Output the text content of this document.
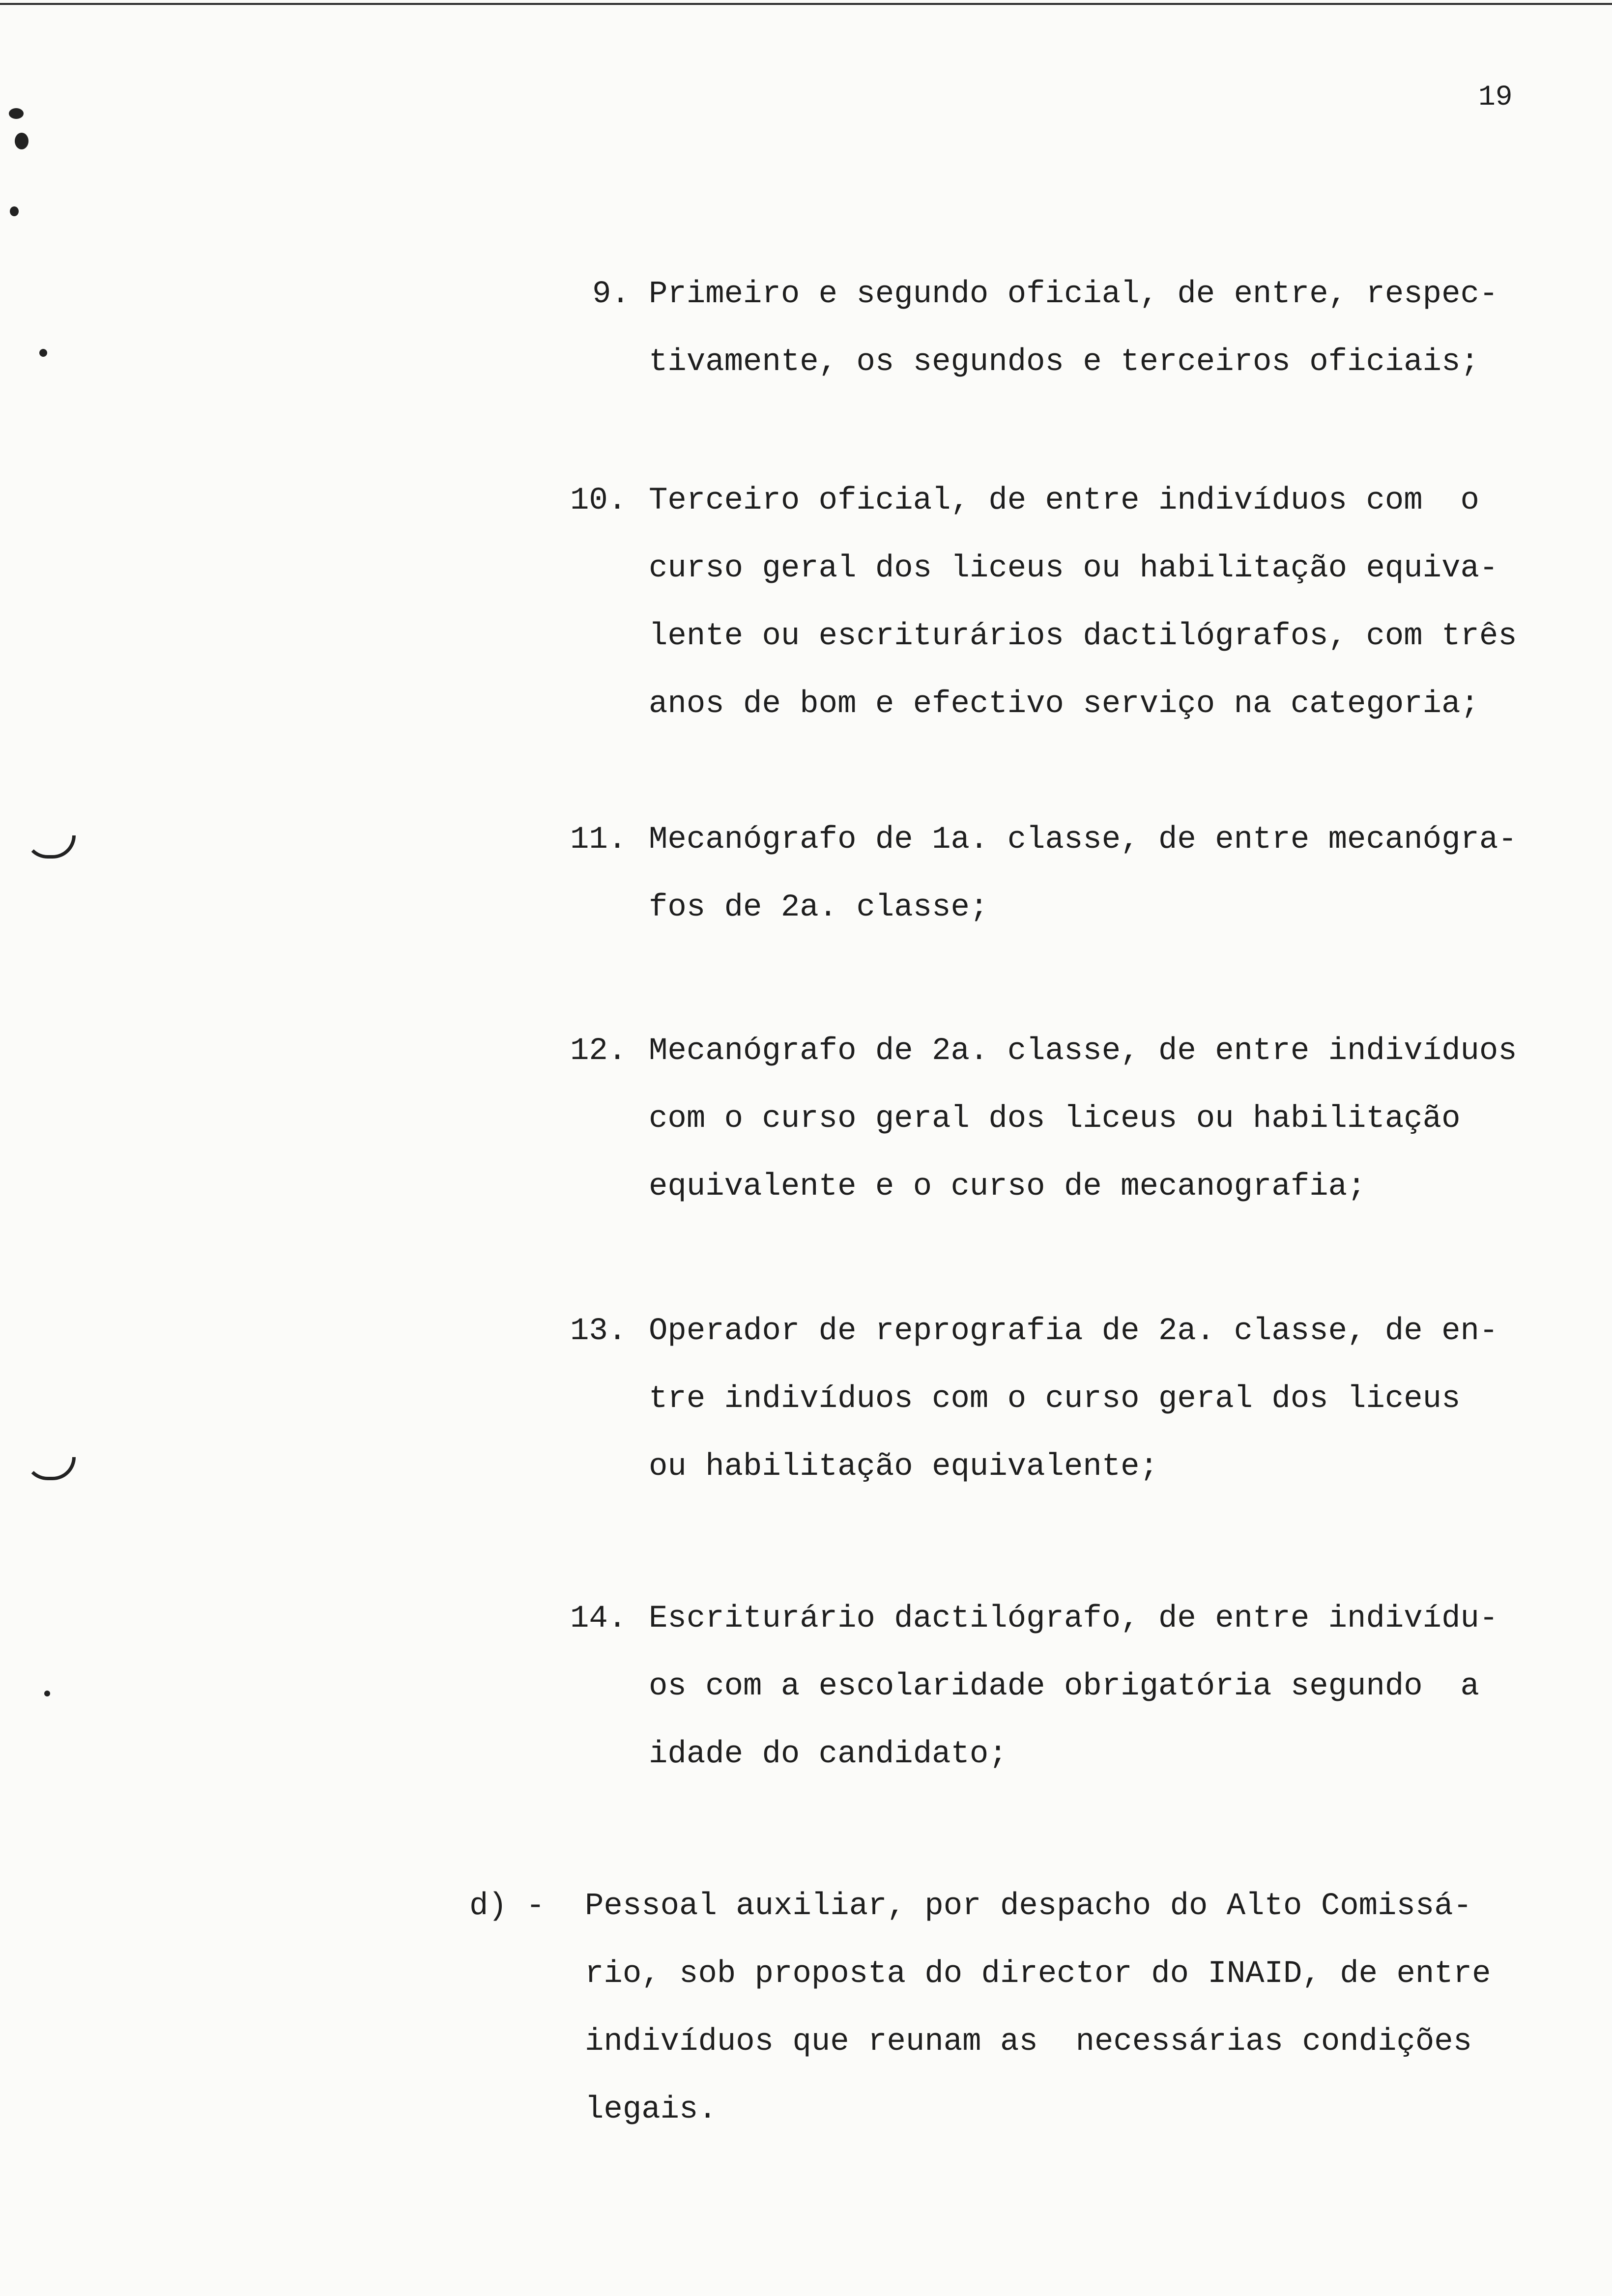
19
9. Primeiro e segundo oficial, de entre, respec-
tivamente, os segundos e terceiros oficiais;
10. Terceiro oficial, de entre indivíduos com  o
curso geral dos liceus ou habilitação equiva-
lente ou escriturários dactilógrafos, com três
anos de bom e efectivo serviço na categoria;
11. Mecanógrafo de 1a. classe, de entre mecanógra-
fos de 2a. classe;
12. Mecanógrafo de 2a. classe, de entre indivíduos
com o curso geral dos liceus ou habilitação
equivalente e o curso de mecanografia;
13. Operador de reprografia de 2a. classe, de en-
tre indivíduos com o curso geral dos liceus
ou habilitação equivalente;
14. Escriturário dactilógrafo, de entre indivídu-
os com a escolaridade obrigatória segundo  a
idade do candidato;
d) - Pessoal auxiliar, por despacho do Alto Comissá-
rio, sob proposta do director do INAID, de entre
indivíduos que reunam as  necessárias condições
legais.
